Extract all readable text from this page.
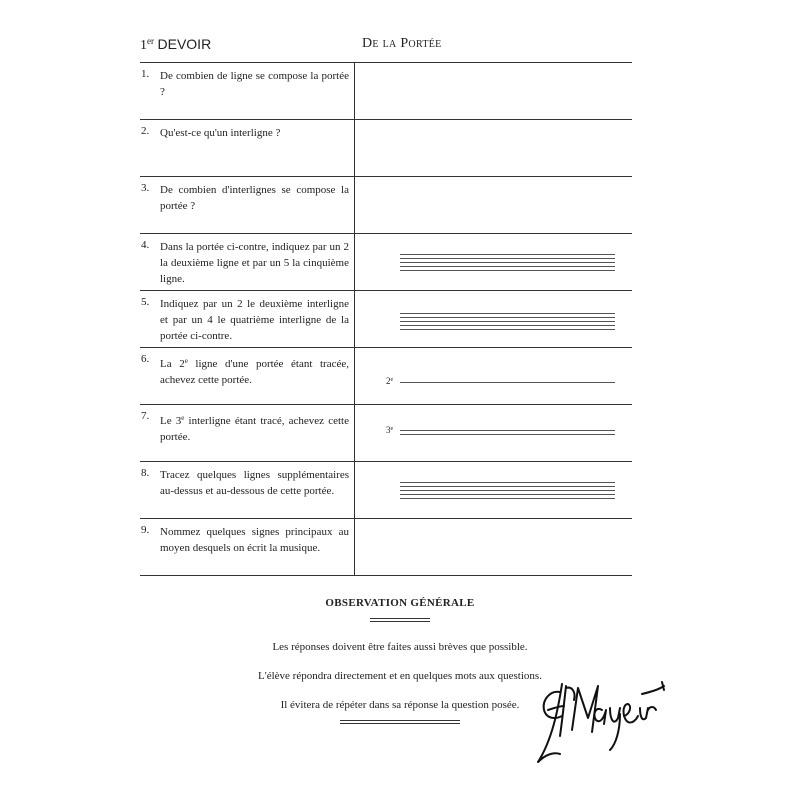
1er DEVOIR	De la Portée
1. De combien de ligne se compose la portée ?
2. Qu'est-ce qu'un interligne ?
3. De combien d'interlignes se compose la portée ?
4. Dans la portée ci-contre, indiquez par un 2 la deuxième ligne et par un 5 la cinquième ligne.
5. Indiquez par un 2 le deuxième interligne et par un 4 le quatrième interligne de la portée ci-contre.
6. La 2e ligne d'une portée étant tracée, achevez cette portée.	2e
7. Le 3e interligne étant tracé, achevez cette portée.
3e
8. Tracez quelques lignes supplémentaires au-dessus et au-dessous de cette portée.
9. Nommez quelques signes principaux au moyen desquels on écrit la musique.
OBSERVATION GÉNÉRALE
Les réponses doivent être faites aussi brèves que possible.
L'élève répondra directement et en quelques mots aux questions.
Il évitera de répéter dans sa réponse la question posée.
